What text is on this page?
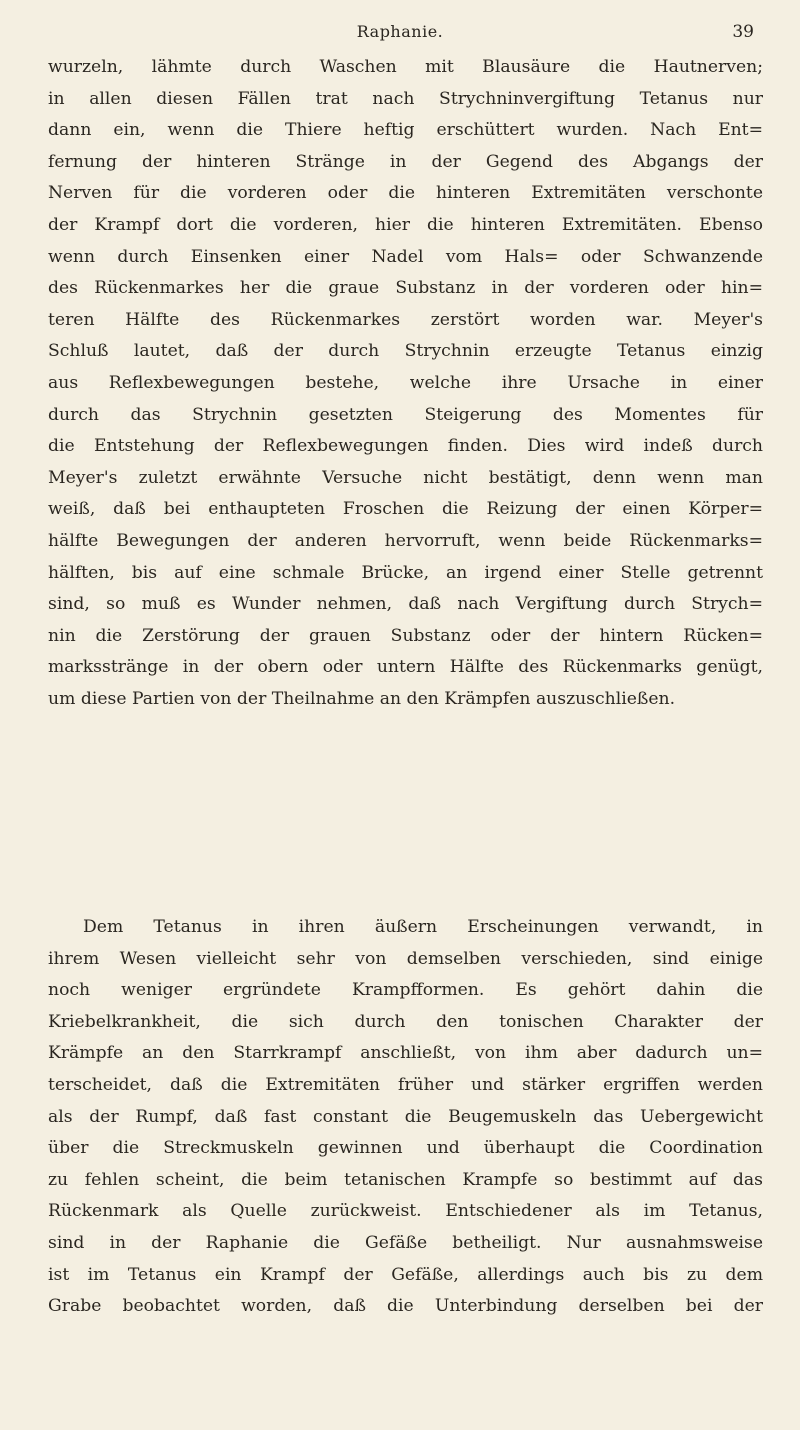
Raphanie.	39

wurzeln, lähmte durch Waschen mit Blausäure die Hautnerven;
in allen diesen Fällen trat nach Strychninvergiftung Tetanus nur
dann ein, wenn die Thiere heftig erschüttert wurden. Nach Ent=
fernung der hinteren Stränge in der Gegend des Abgangs der
Nerven für die vorderen oder die hinteren Extremitäten verschonte
der Krampf dort die vorderen, hier die hinteren Extremitäten. Ebenso
wenn durch Einsenken einer Nadel vom Hals= oder Schwanzende
des Rückenmarkes her die graue Substanz in der vorderen oder hin=
teren Hälfte des Rückenmarkes zerstört worden war. Meyer's
Schluß lautet, daß der durch Strychnin erzeugte Tetanus einzig
aus Reflexbewegungen bestehe, welche ihre Ursache in einer
durch das Strychnin gesetzten Steigerung des Momentes für
die Entstehung der Reflexbewegungen finden. Dies wird indeß durch
Meyer's zuletzt erwähnte Versuche nicht bestätigt, denn wenn man
weiß, daß bei enthaupteten Froschen die Reizung der einen Körper=
hälfte Bewegungen der anderen hervorruft, wenn beide Rückenmarks=
hälften, bis auf eine schmale Brücke, an irgend einer Stelle getrennt
sind, so muß es Wunder nehmen, daß nach Vergiftung durch Strych=
nin die Zerstörung der grauen Substanz oder der hintern Rücken=
marksstränge in der obern oder untern Hälfte des Rückenmarks genügt,
um diese Partien von der Theilnahme an den Krämpfen auszuschließen.

Dem Tetanus in ihren äußern Erscheinungen verwandt, in
ihrem Wesen vielleicht sehr von demselben verschieden, sind einige
noch weniger ergründete Krampfformen. Es gehört dahin die
Kriebelkrankheit, die sich durch den tonischen Charakter der
Krämpfe an den Starrkrampf anschließt, von ihm aber dadurch un=
terscheidet, daß die Extremitäten früher und stärker ergriffen werden
als der Rumpf, daß fast constant die Beugemuskeln das Uebergewicht
über die Streckmuskeln gewinnen und überhaupt die Coordination
zu fehlen scheint, die beim tetanischen Krampfe so bestimmt auf das
Rückenmark als Quelle zurückweist. Entschiedener als im Tetanus,
sind in der Raphanie die Gefäße betheiligt. Nur ausnahmsweise
ist im Tetanus ein Krampf der Gefäße, allerdings auch bis zu dem
Grabe beobachtet worden, daß die Unterbindung derselben bei der
